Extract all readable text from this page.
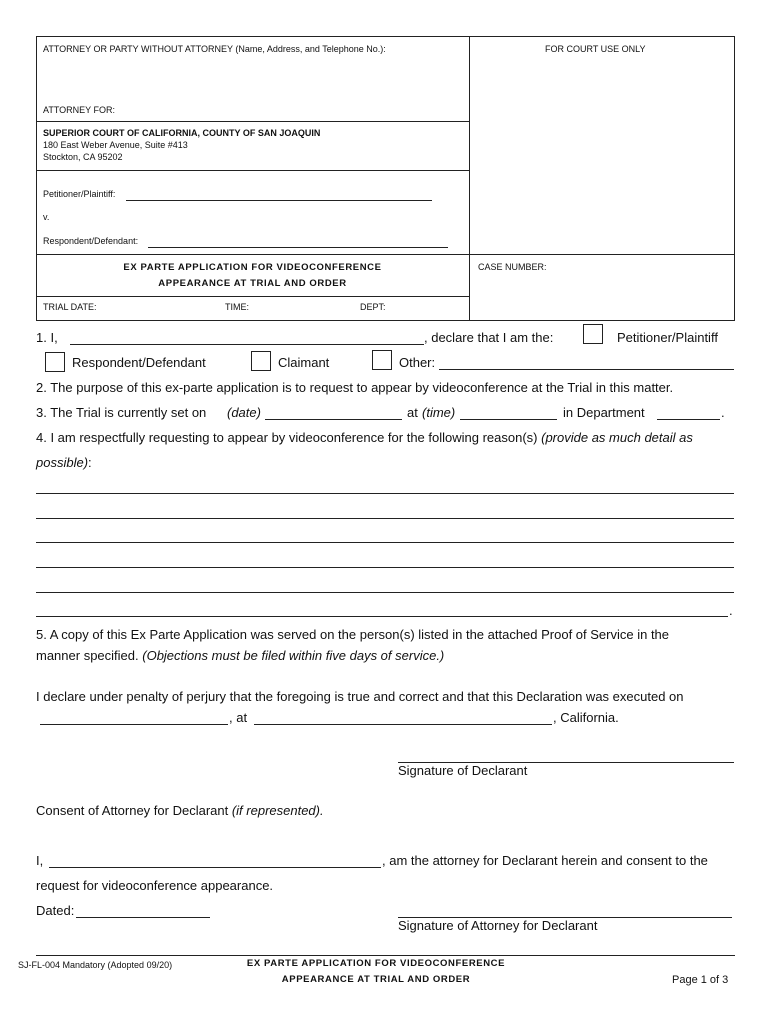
ATTORNEY OR PARTY WITHOUT ATTORNEY (Name, Address, and Telephone No.):	FOR COURT USE ONLY
ATTORNEY FOR:
SUPERIOR COURT OF CALIFORNIA, COUNTY OF SAN JOAQUIN
180 East Weber Avenue, Suite #413
Stockton, CA 95202
Petitioner/Plaintiff:
v.
Respondent/Defendant:
EX PARTE APPLICATION FOR VIDEOCONFERENCE
APPEARANCE AT TRIAL AND ORDER
CASE NUMBER:
TRIAL DATE:	TIME:	DEPT:
1. I,	, declare that I am the:	Petitioner/Plaintiff
Respondent/Defendant	Claimant	Other:
2. The purpose of this ex-parte application is to request to appear by videoconference at the Trial in this matter.
3. The Trial is currently set on (date)	at (time)	in Department	.
4. I am respectfully requesting to appear by videoconference for the following reason(s) (provide as much detail as
possible):
.
5. A copy of this Ex Parte Application was served on the person(s) listed in the attached Proof of Service in the
manner specified. (Objections must be filed within five days of service.)
I declare under penalty of perjury that the foregoing is true and correct and that this Declaration was executed on
, at	, California.
Signature of Declarant
Consent of Attorney for Declarant (if represented).
I,	, am the attorney for Declarant herein and consent to the
request for videoconference appearance.
Dated:
Signature of Attorney for Declarant
SJ-FL-004 Mandatory (Adopted 09/20)	EX PARTE APPLICATION FOR VIDEOCONFERENCE
APPEARANCE AT TRIAL AND ORDER	Page 1 of 3
